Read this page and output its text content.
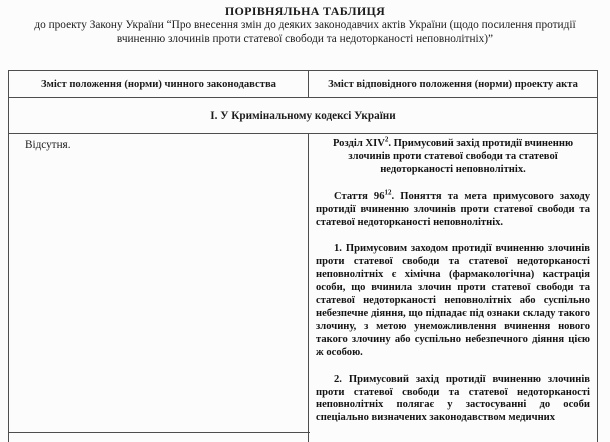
ПОРІВНЯЛЬНА ТАБЛИЦЯ
до проекту Закону України “Про внесення змін до деяких законодавчих актів України (щодо посилення протидії вчиненню злочинів проти статевої свободи та недоторканості неповнолітніх)”
Зміст положення (норми) чинного законодавства	Зміст відповідного положення (норми) проекту акта
І. У Кримінальному кодексі України
Відсутня.	Розділ XIV$^2$. Примусовий захід протидії вчиненню злочинів проти статевої свободи та статевої недоторканості неповнолітніх.

Стаття $96^{12}$. Поняття та мета примусового заходу протидії вчиненню злочинів проти статевої свободи та статевої недоторканості неповнолітніх.

1. Примусовим заходом протидії вчиненню злочинів проти статевої свободи та статевої недоторканості неповнолітніх є хімічна (фармакологічна) кастрація особи, що вчинила злочин проти статевої свободи та статевої недоторканості неповнолітніх або суспільно небезпечне діяння, що підпадає під ознаки складу такого злочину, з метою унеможливлення вчинення нового такого злочину або суспільно небезпечного діяння цією ж особою.

2. Примусовий захід протидії вчиненню злочинів проти статевої свободи та статевої недоторканості неповнолітніх полягає у застосуванні до особи спеціально визначених законодавством медичних
